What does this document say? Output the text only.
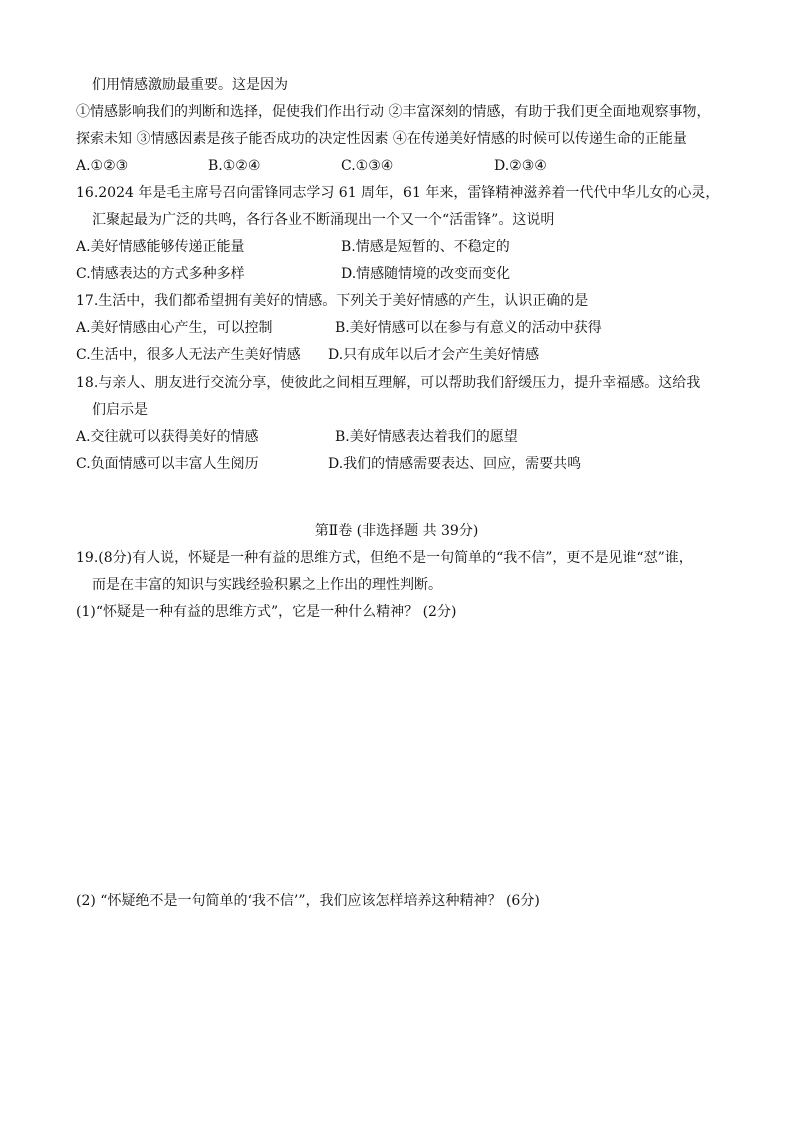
们用情感激励最重要。这是因为
①情感影响我们的判断和选择，促使我们作出行动 ②丰富深刻的情感，有助于我们更全面地观察事物，
探索未知 ③情感因素是孩子能否成功的决定性因素 ④在传递美好情感的时候可以传递生命的正能量
A.①②③	B.①②④	C.①③④	D.②③④
16.2024 年是毛主席号召向雷锋同志学习 61 周年，61 年来，雷锋精神滋养着一代代中华儿女的心灵，
汇聚起最为广泛的共鸣，各行各业不断涌现出一个又一个“活雷锋”。这说明
A.美好情感能够传递正能量	B.情感是短暂的、不稳定的
C.情感表达的方式多种多样	D.情感随情境的改变而变化
17.生活中，我们都希望拥有美好的情感。下列关于美好情感的产生，认识正确的是
A.美好情感由心产生，可以控制	B.美好情感可以在参与有意义的活动中获得
C.生活中，很多人无法产生美好情感 D.只有成年以后才会产生美好情感
18.与亲人、朋友进行交流分享，使彼此之间相互理解，可以帮助我们舒缓压力，提升幸福感。这给我
们启示是
A.交往就可以获得美好的情感	B.美好情感表达着我们的愿望
C.负面情感可以丰富人生阅历	D.我们的情感需要表达、回应，需要共鸣
第Ⅱ卷 (非选择题 共 39分)
19.(8分)有人说，怀疑是一种有益的思维方式，但绝不是一句简单的“我不信”，更不是见谁“怼”谁，
而是在丰富的知识与实践经验积累之上作出的理性判断。
(1)“怀疑是一种有益的思维方式”，它是一种什么精神？ (2分)
(2) “怀疑绝不是一句简单的‘我不信’”，我们应该怎样培养这种精神？ (6分)
